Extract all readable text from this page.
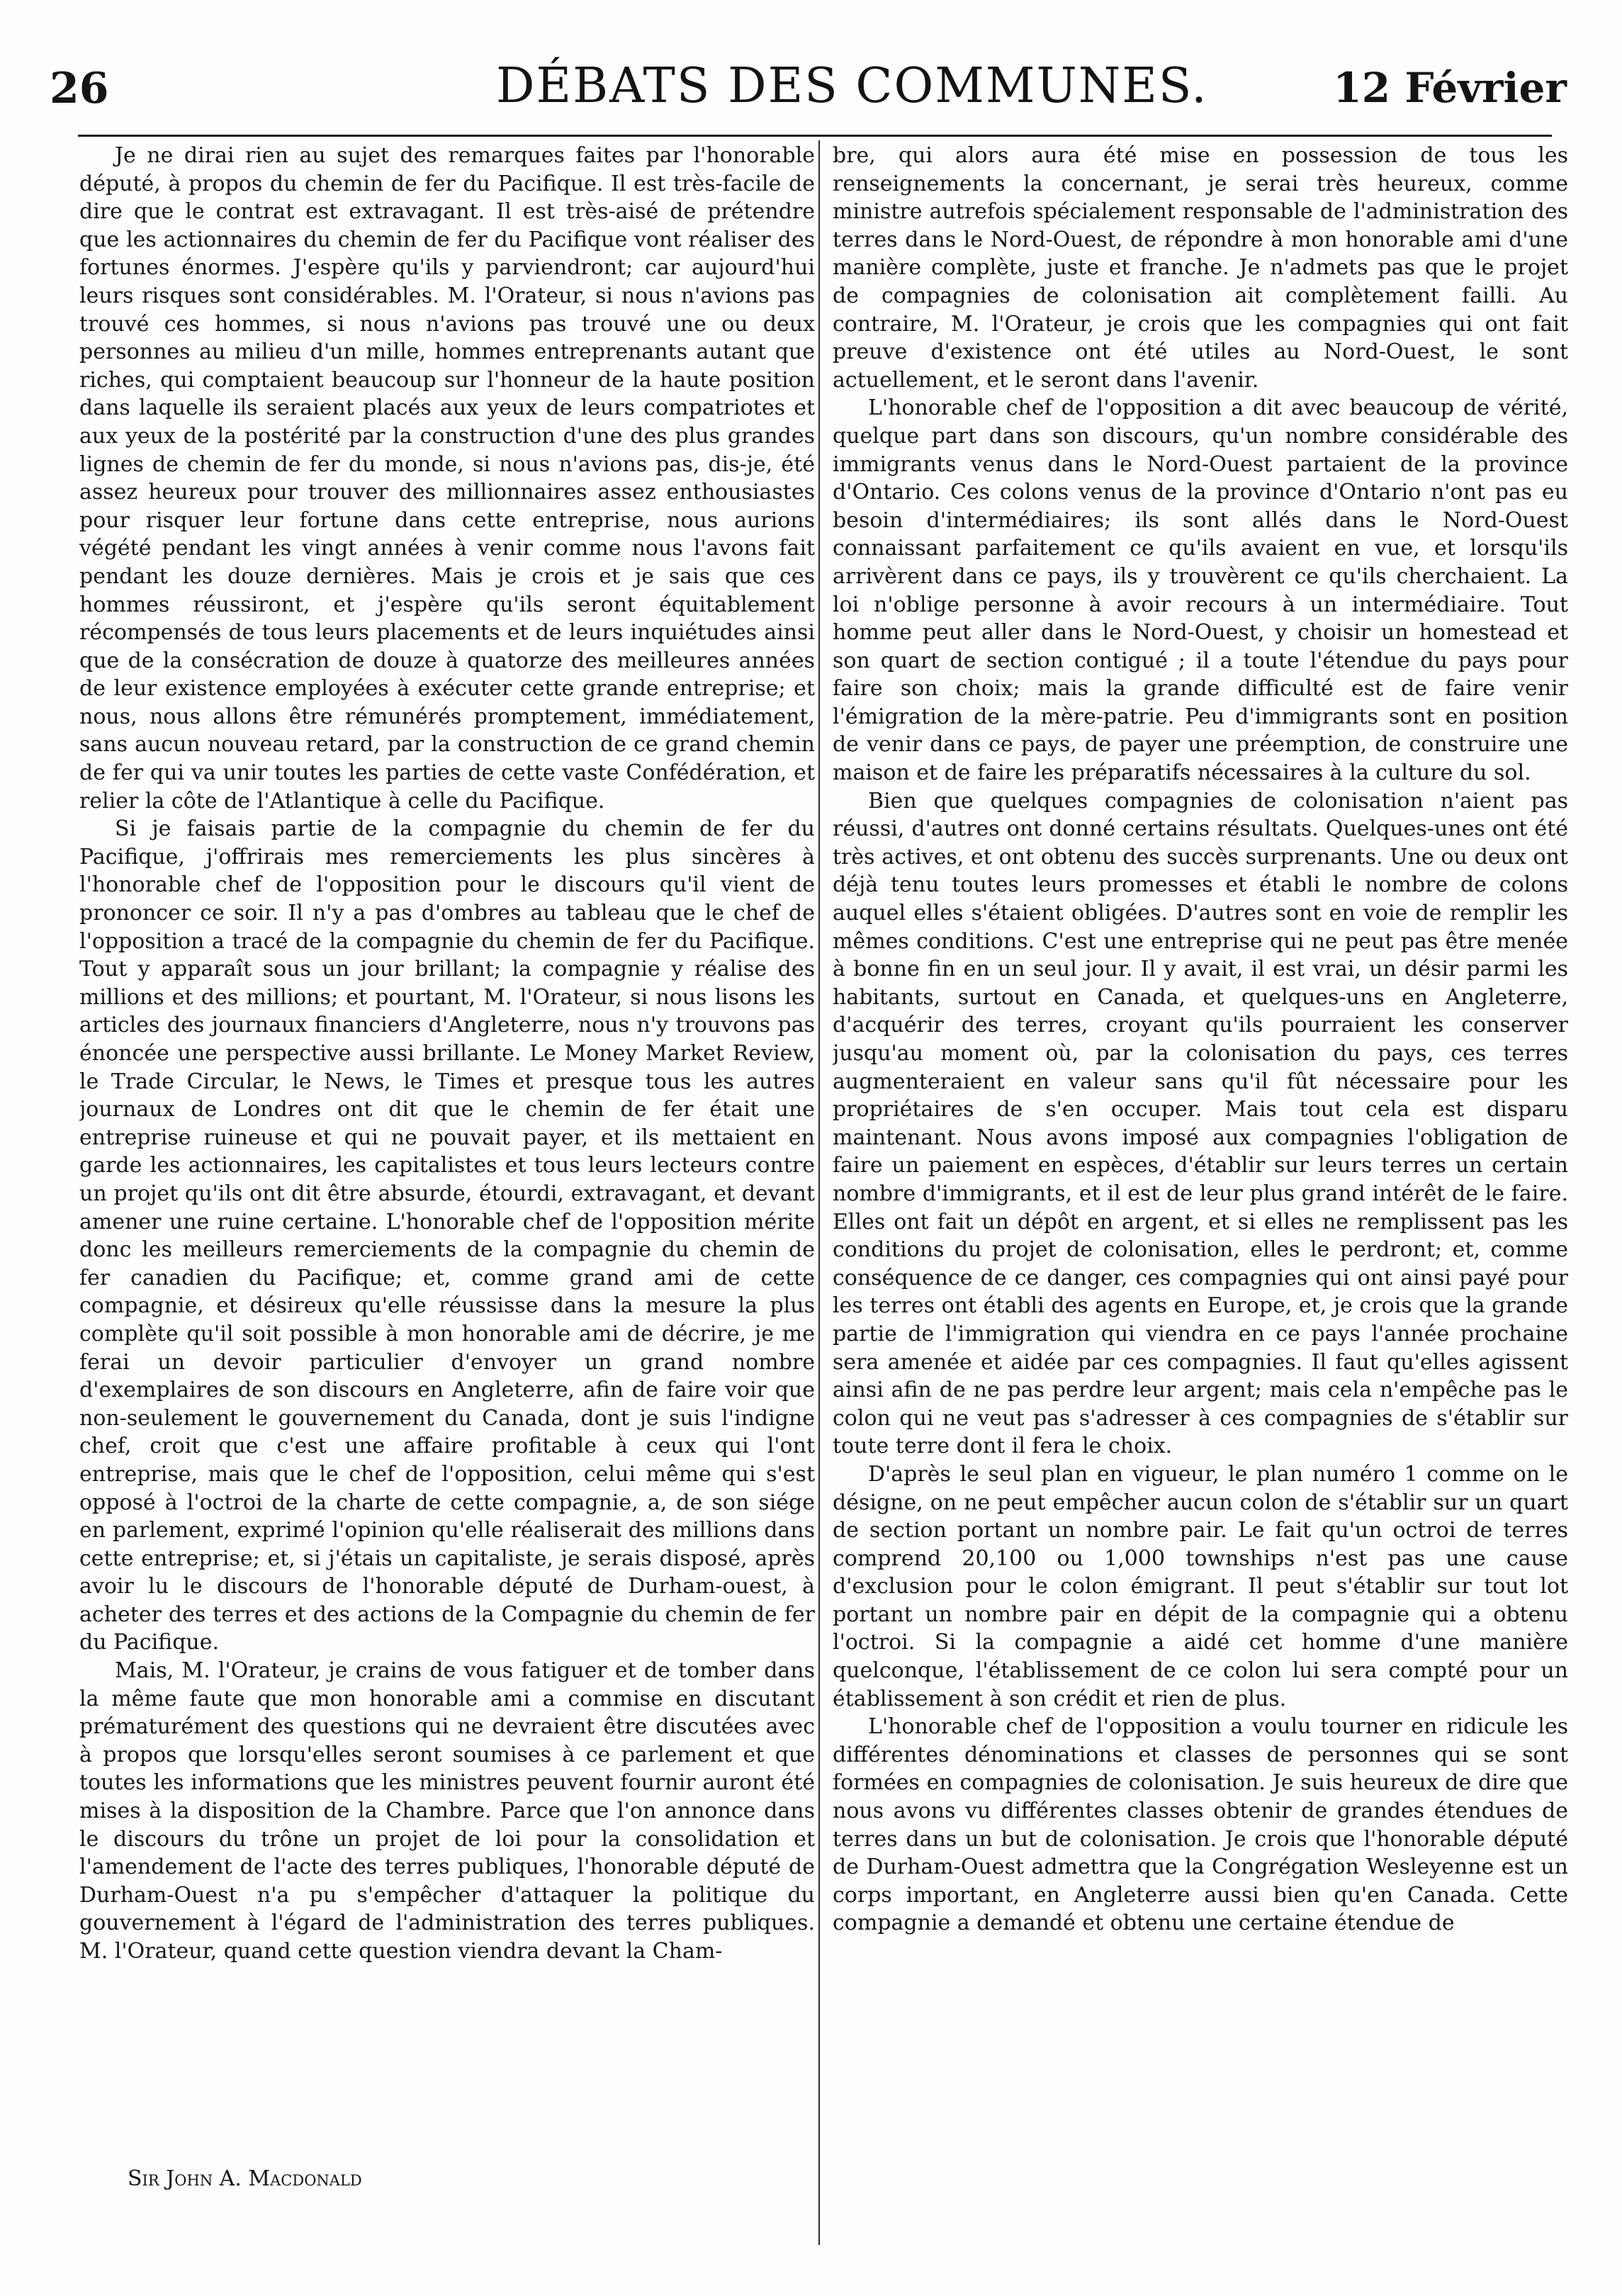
26	DÉBATS DES COMMUNES.	12 Février

Je ne dirai rien au sujet des remarques faites par l'honorable député, à propos du chemin de fer du Pacifique. Il est très-facile de dire que le contrat est extravagant. Il est très-aisé de prétendre que les actionnaires du chemin de fer du Pacifique vont réaliser des fortunes énormes. J'espère qu'ils y parviendront; car aujourd'hui leurs risques sont considérables. M. l'Orateur, si nous n'avions pas trouvé ces hommes, si nous n'avions pas trouvé une ou deux personnes au milieu d'un mille, hommes entreprenants autant que riches, qui comptaient beaucoup sur l'honneur de la haute position dans laquelle ils seraient placés aux yeux de leurs compatriotes et aux yeux de la postérité par la construction d'une des plus grandes lignes de chemin de fer du monde, si nous n'avions pas, dis-je, été assez heureux pour trouver des millionnaires assez enthousiastes pour risquer leur fortune dans cette entreprise, nous aurions végété pendant les vingt années à venir comme nous l'avons fait pendant les douze dernières. Mais je crois et je sais que ces hommes réussiront, et j'espère qu'ils seront équitablement récompensés de tous leurs placements et de leurs inquiétudes ainsi que de la consécration de douze à quatorze des meilleures années de leur existence employées à exécuter cette grande entreprise; et nous, nous allons être rémunérés promptement, immédiatement, sans aucun nouveau retard, par la construction de ce grand chemin de fer qui va unir toutes les parties de cette vaste Confédération, et relier la côte de l'Atlantique à celle du Pacifique.

Si je faisais partie de la compagnie du chemin de fer du Pacifique, j'offrirais mes remerciements les plus sincères à l'honorable chef de l'opposition pour le discours qu'il vient de prononcer ce soir. Il n'y a pas d'ombres au tableau que le chef de l'opposition a tracé de la compagnie du chemin de fer du Pacifique. Tout y apparaît sous un jour brillant; la compagnie y réalise des millions et des millions; et pourtant, M. l'Orateur, si nous lisons les articles des journaux financiers d'Angleterre, nous n'y trouvons pas énoncée une perspective aussi brillante. Le Money Market Review, le Trade Circular, le News, le Times et presque tous les autres journaux de Londres ont dit que le chemin de fer était une entreprise ruineuse et qui ne pouvait payer, et ils mettaient en garde les actionnaires, les capitalistes et tous leurs lecteurs contre un projet qu'ils ont dit être absurde, étourdi, extravagant, et devant amener une ruine certaine. L'honorable chef de l'opposition mérite donc les meilleurs remerciements de la compagnie du chemin de fer canadien du Pacifique; et, comme grand ami de cette compagnie, et désireux qu'elle réussisse dans la mesure la plus complète qu'il soit possible à mon honorable ami de décrire, je me ferai un devoir particulier d'envoyer un grand nombre d'exemplaires de son discours en Angleterre, afin de faire voir que non-seulement le gouvernement du Canada, dont je suis l'indigne chef, croit que c'est une affaire profitable à ceux qui l'ont entreprise, mais que le chef de l'opposition, celui même qui s'est opposé à l'octroi de la charte de cette compagnie, a, de son siége en parlement, exprimé l'opinion qu'elle réaliserait des millions dans cette entreprise; et, si j'étais un capitaliste, je serais disposé, après avoir lu le discours de l'honorable député de Durham-ouest, à acheter des terres et des actions de la Compagnie du chemin de fer du Pacifique.

Mais, M. l'Orateur, je crains de vous fatiguer et de tomber dans la même faute que mon honorable ami a commise en discutant prématurément des questions qui ne devraient être discutées avec à propos que lorsqu'elles seront soumises à ce parlement et que toutes les informations que les ministres peuvent fournir auront été mises à la disposition de la Chambre. Parce que l'on annonce dans le discours du trône un projet de loi pour la consolidation et l'amendement de l'acte des terres publiques, l'honorable député de Durham-Ouest n'a pu s'empêcher d'attaquer la politique du gouvernement à l'égard de l'administration des terres publiques. M. l'Orateur, quand cette question viendra devant la Cham-

Sir John A. Macdonald

bre, qui alors aura été mise en possession de tous les renseignements la concernant, je serai très heureux, comme ministre autrefois spécialement responsable de l'administration des terres dans le Nord-Ouest, de répondre à mon honorable ami d'une manière complète, juste et franche. Je n'admets pas que le projet de compagnies de colonisation ait complètement failli. Au contraire, M. l'Orateur, je crois que les compagnies qui ont fait preuve d'existence ont été utiles au Nord-Ouest, le sont actuellement, et le seront dans l'avenir.

L'honorable chef de l'opposition a dit avec beaucoup de vérité, quelque part dans son discours, qu'un nombre considérable des immigrants venus dans le Nord-Ouest partaient de la province d'Ontario. Ces colons venus de la province d'Ontario n'ont pas eu besoin d'intermédiaires; ils sont allés dans le Nord-Ouest connaissant parfaitement ce qu'ils avaient en vue, et lorsqu'ils arrivèrent dans ce pays, ils y trouvèrent ce qu'ils cherchaient. La loi n'oblige personne à avoir recours à un intermédiaire. Tout homme peut aller dans le Nord-Ouest, y choisir un homestead et son quart de section contigué ; il a toute l'étendue du pays pour faire son choix; mais la grande difficulté est de faire venir l'émigration de la mère-patrie. Peu d'immigrants sont en position de venir dans ce pays, de payer une préemption, de construire une maison et de faire les préparatifs nécessaires à la culture du sol.

Bien que quelques compagnies de colonisation n'aient pas réussi, d'autres ont donné certains résultats. Quelques-unes ont été très actives, et ont obtenu des succès surprenants. Une ou deux ont déjà tenu toutes leurs promesses et établi le nombre de colons auquel elles s'étaient obligées. D'autres sont en voie de remplir les mêmes conditions. C'est une entreprise qui ne peut pas être menée à bonne fin en un seul jour. Il y avait, il est vrai, un désir parmi les habitants, surtout en Canada, et quelques-uns en Angleterre, d'acquérir des terres, croyant qu'ils pourraient les conserver jusqu'au moment où, par la colonisation du pays, ces terres augmenteraient en valeur sans qu'il fût nécessaire pour les propriétaires de s'en occuper. Mais tout cela est disparu maintenant. Nous avons imposé aux compagnies l'obligation de faire un paiement en espèces, d'établir sur leurs terres un certain nombre d'immigrants, et il est de leur plus grand intérêt de le faire. Elles ont fait un dépôt en argent, et si elles ne remplissent pas les conditions du projet de colonisation, elles le perdront; et, comme conséquence de ce danger, ces compagnies qui ont ainsi payé pour les terres ont établi des agents en Europe, et, je crois que la grande partie de l'immigration qui viendra en ce pays l'année prochaine sera amenée et aidée par ces compagnies. Il faut qu'elles agissent ainsi afin de ne pas perdre leur argent; mais cela n'empêche pas le colon qui ne veut pas s'adresser à ces compagnies de s'établir sur toute terre dont il fera le choix.

D'après le seul plan en vigueur, le plan numéro 1 comme on le désigne, on ne peut empêcher aucun colon de s'établir sur un quart de section portant un nombre pair. Le fait qu'un octroi de terres comprend 20,100 ou 1,000 townships n'est pas une cause d'exclusion pour le colon émigrant. Il peut s'établir sur tout lot portant un nombre pair en dépit de la compagnie qui a obtenu l'octroi. Si la compagnie a aidé cet homme d'une manière quelconque, l'établissement de ce colon lui sera compté pour un établissement à son crédit et rien de plus.

L'honorable chef de l'opposition a voulu tourner en ridicule les différentes dénominations et classes de personnes qui se sont formées en compagnies de colonisation. Je suis heureux de dire que nous avons vu différentes classes obtenir de grandes étendues de terres dans un but de colonisation. Je crois que l'honorable député de Durham-Ouest admettra que la Congrégation Wesleyenne est un corps important, en Angleterre aussi bien qu'en Canada. Cette compagnie a demandé et obtenu une certaine étendue de
